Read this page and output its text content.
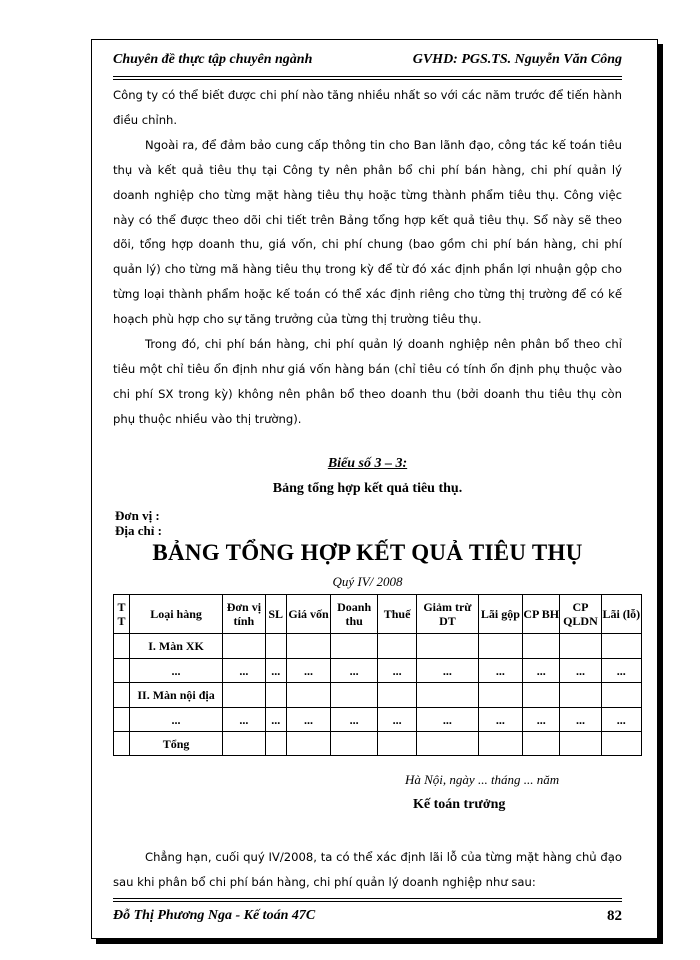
Chuyên đề thực tập chuyên ngành	GVHD: PGS.TS. Nguyễn Văn Công

Công ty có thể biết được chi phí nào tăng nhiều nhất so với các năm trước để tiến hành điều chỉnh.

Ngoài ra, để đảm bảo cung cấp thông tin cho Ban lãnh đạo, công tác kế toán tiêu thụ và kết quả tiêu thụ tại Công ty nên phân bổ chi phí bán hàng, chi phí quản lý doanh nghiệp cho từng mặt hàng tiêu thụ hoặc từng thành phẩm tiêu thụ. Công việc này có thể được theo dõi chi tiết trên Bảng tổng hợp kết quả tiêu thụ. Sổ này sẽ theo dõi, tổng hợp doanh thu, giá vốn, chi phí chung (bao gồm chi phí bán hàng, chi phí quản lý) cho từng mã hàng tiêu thụ trong kỳ để từ đó xác định phần lợi nhuận gộp cho từng loại thành phẩm hoặc kế toán có thể xác định riêng cho từng thị trường để có kế hoạch phù hợp cho sự tăng trưởng của từng thị trường tiêu thụ.

Trong đó, chi phí bán hàng, chi phí quản lý doanh nghiệp nên phân bổ theo chỉ tiêu một chỉ tiêu ổn định như giá vốn hàng bán (chỉ tiêu có tính ổn định phụ thuộc vào chi phí SX trong kỳ) không nên phân bổ theo doanh thu (bởi doanh thu tiêu thụ còn phụ thuộc nhiều vào thị trường).

Biểu số 3 – 3:
Bảng tổng hợp kết quả tiêu thụ.
Đơn vị :
Địa chỉ :
BẢNG TỔNG HỢP KẾT QUẢ TIÊU THỤ
Quý IV/ 2008
T T	Loại hàng	Đơn vị tính	SL	Giá vốn	Doanh thu	Thuế	Giảm trừ DT	Lãi gộp	CP BH	CP QLDN	Lãi (lỗ)
	I. Màn XK										
	...	...	...	...	...	...	...	...	...	...	...
	II. Màn nội địa										
	...	...	...	...	...	...	...	...	...	...	...
	Tổng										
Hà Nội, ngày ... tháng ... năm
Kế toán trưởng

Chẳng hạn, cuối quý IV/2008, ta có thể xác định lãi lỗ của từng mặt hàng chủ đạo sau khi phân bổ chi phí bán hàng, chi phí quản lý doanh nghiệp như sau:

Đỗ Thị Phương Nga - Kế toán 47C	82
